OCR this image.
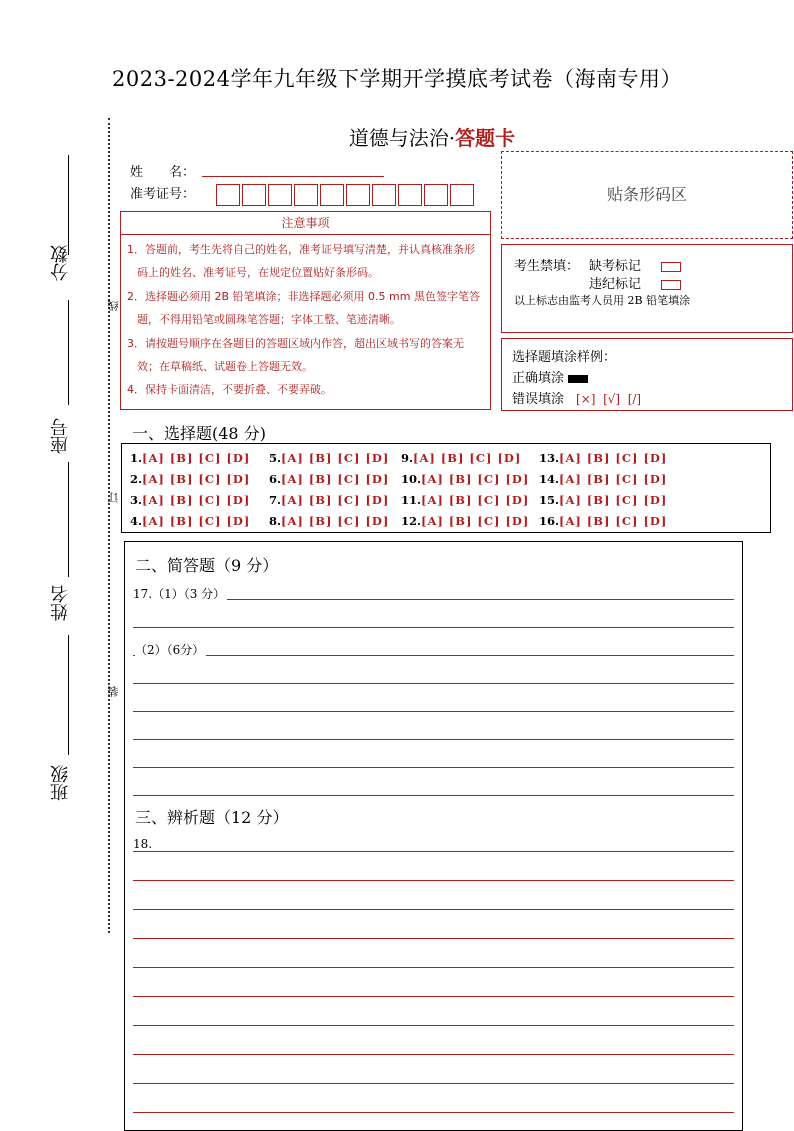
2023-2024学年九年级下学期开学摸底考试卷（海南专用）
道德与法治·答题卡
分数
座号
姓名
班级
线
订
装
姓　　名：
准考证号：
注意事项
1．答题前，考生先将自己的姓名，准考证号填写清楚，并认真核准条形码上的姓名、准考证号，在规定位置贴好条形码。
2．选择题必须用 2B 铅笔填涂；非选择题必须用 0.5 mm 黑色签字笔答题，不得用铅笔或圆珠笔答题；字体工整、笔迹清晰。
3．请按题号顺序在各题目的答题区域内作答，超出区域书写的答案无效；在草稿纸、试题卷上答题无效。
4．保持卡面清洁，不要折叠、不要弄破。
贴条形码区
考生禁填： 缺考标记
违纪标记
以上标志由监考人员用 2B 铅笔填涂
选择题填涂样例：
正确填涂
错误填涂 [×]  [√]  [/]
一、选择题(48 分)
1.[A] [B] [C] [D] 5.[A] [B] [C] [D] 9.[A] [B] [C] [D] 13.[A] [B] [C] [D]
2.[A] [B] [C] [D] 6.[A] [B] [C] [D] 10.[A] [B] [C] [D] 14.[A] [B] [C] [D]
3.[A] [B] [C] [D] 7.[A] [B] [C] [D] 11.[A] [B] [C] [D] 15.[A] [B] [C] [D]
4.[A] [B] [C] [D] 8.[A] [B] [C] [D] 12.[A] [B] [C] [D] 16.[A] [B] [C] [D]
二、简答题（9 分）
17.（1）（3 分）
（2）（6分）
三、辨析题（12 分）
18.
